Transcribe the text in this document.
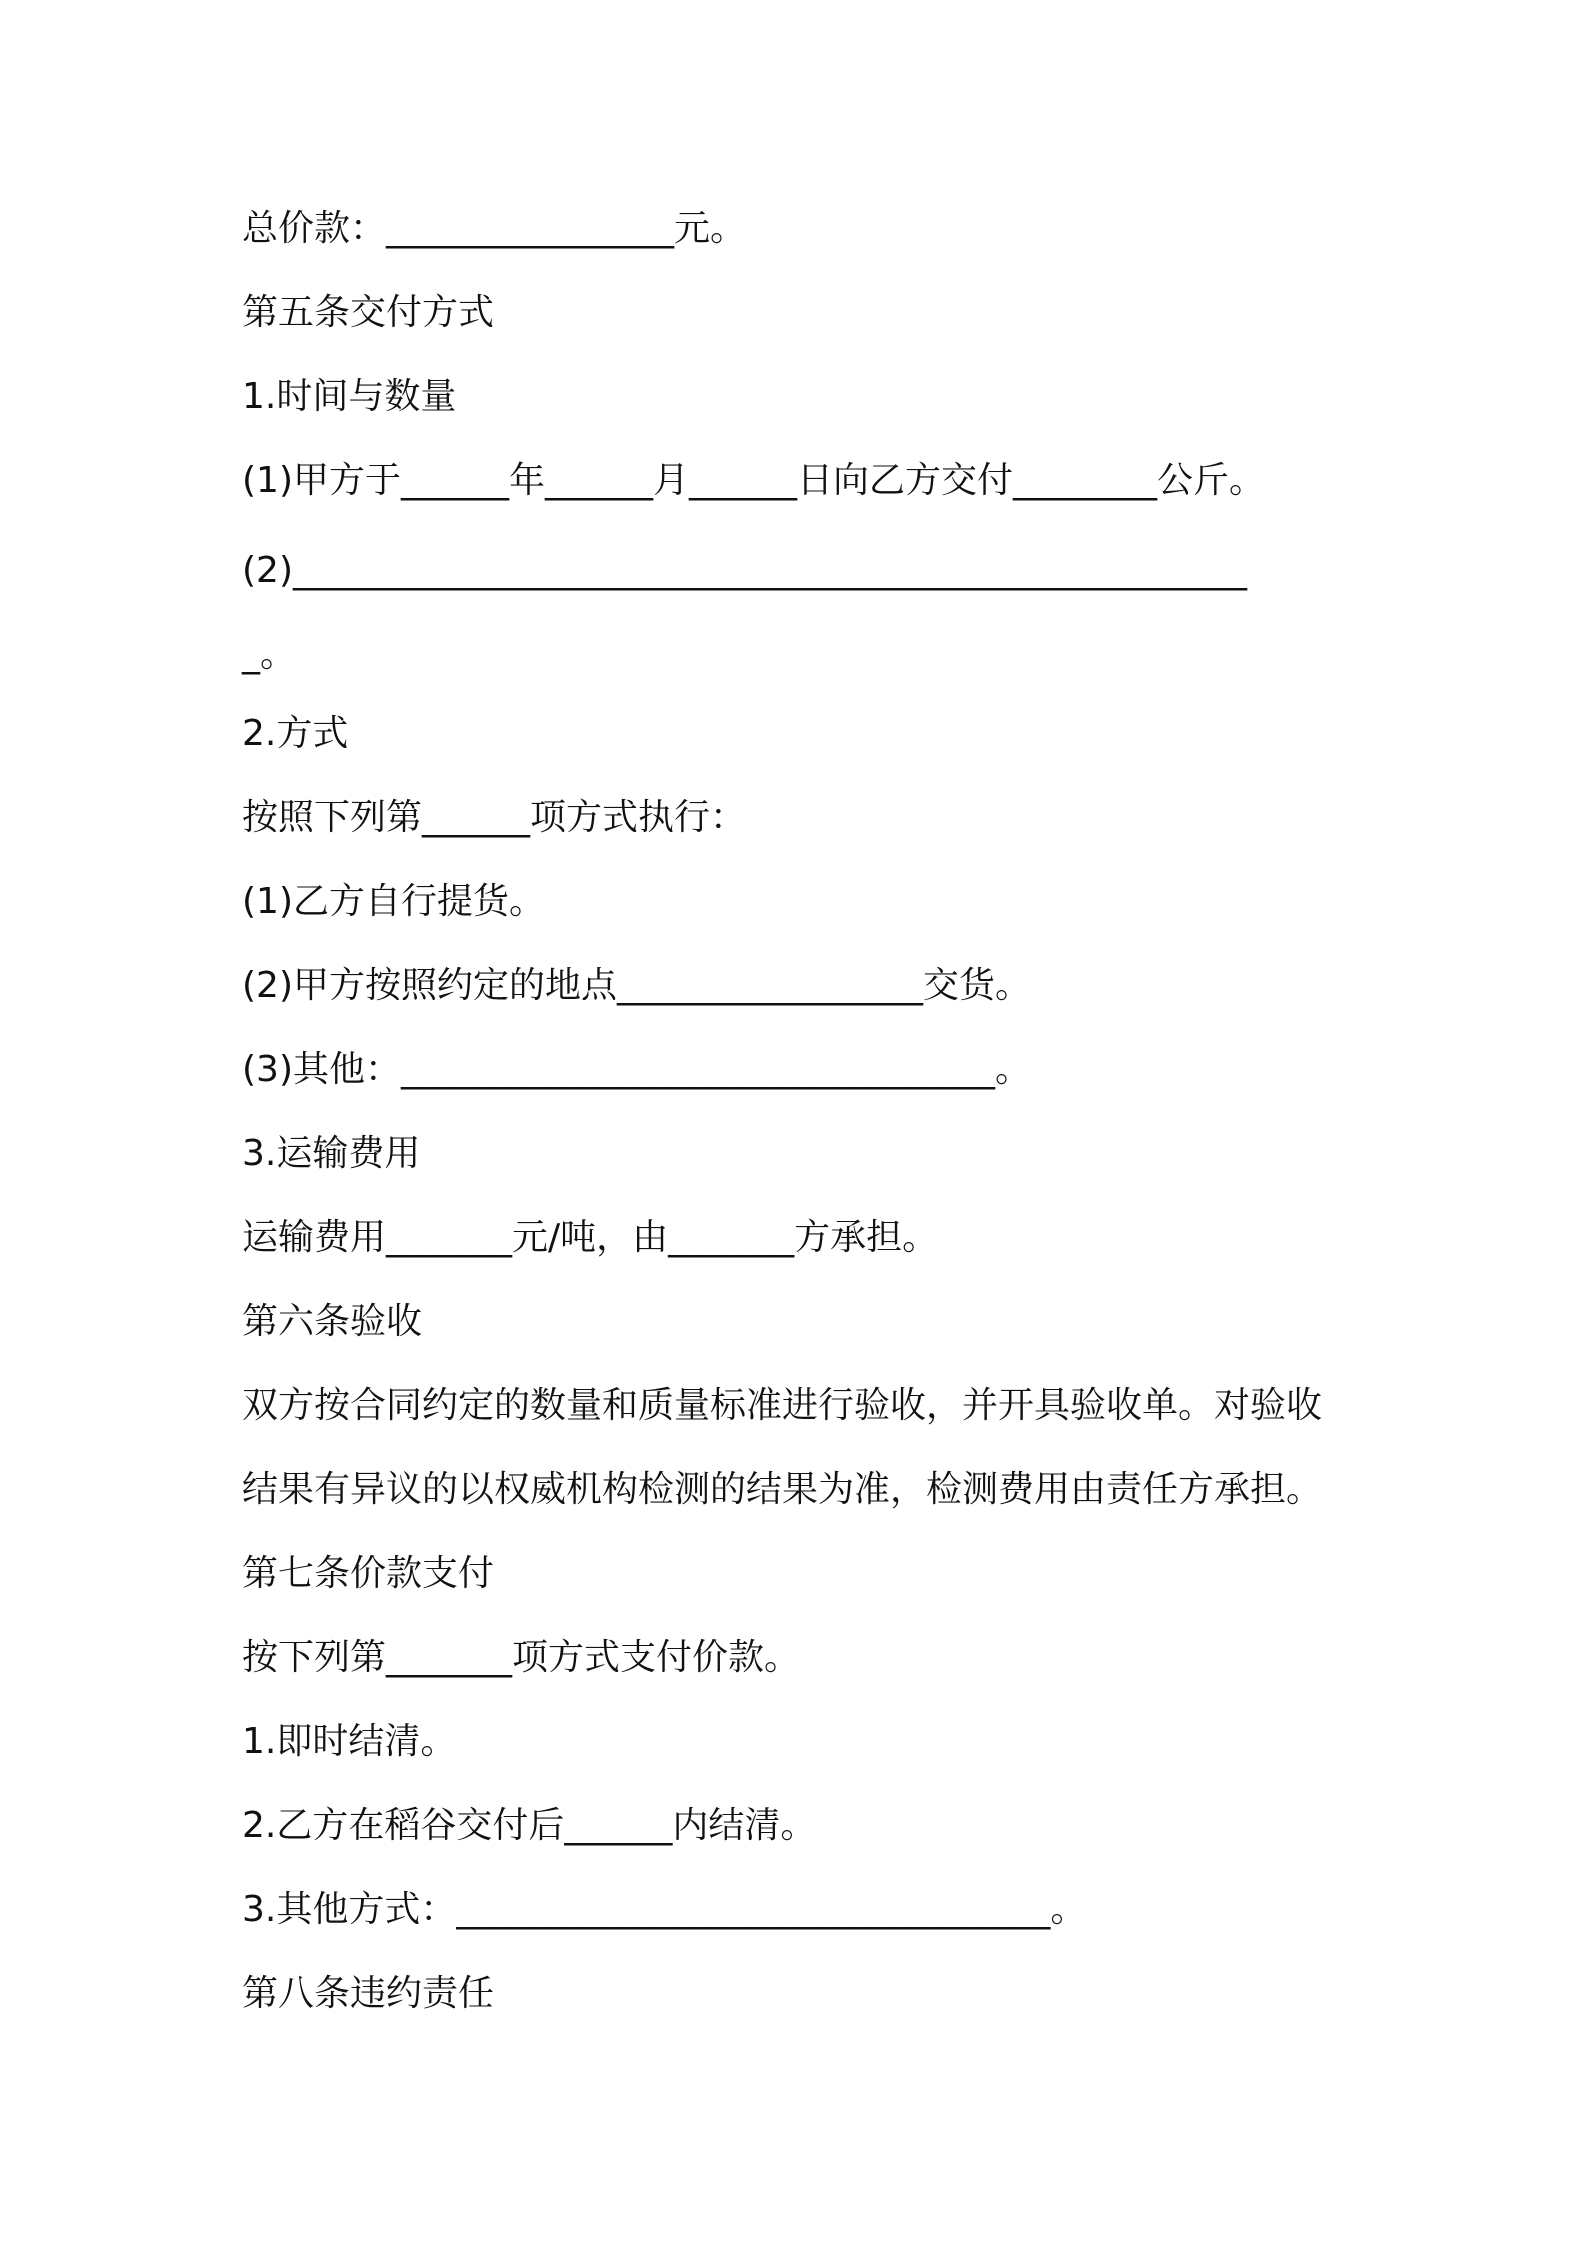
总价款：________________元。
第五条交付方式
1.时间与数量
(1)甲方于______年______月______日向乙方交付________公斤。
(2)_____________________________________________________
_。
2.方式
按照下列第______项方式执行：
(1)乙方自行提货。
(2)甲方按照约定的地点_________________交货。
(3)其他：_________________________________。
3.运输费用
运输费用_______元/吨，由_______方承担。
第六条验收
双方按合同约定的数量和质量标准进行验收，并开具验收单。对验收
结果有异议的以权威机构检测的结果为准，检测费用由责任方承担。
第七条价款支付
按下列第_______项方式支付价款。
1.即时结清。
2.乙方在稻谷交付后______内结清。
3.其他方式：_________________________________。
第八条违约责任
